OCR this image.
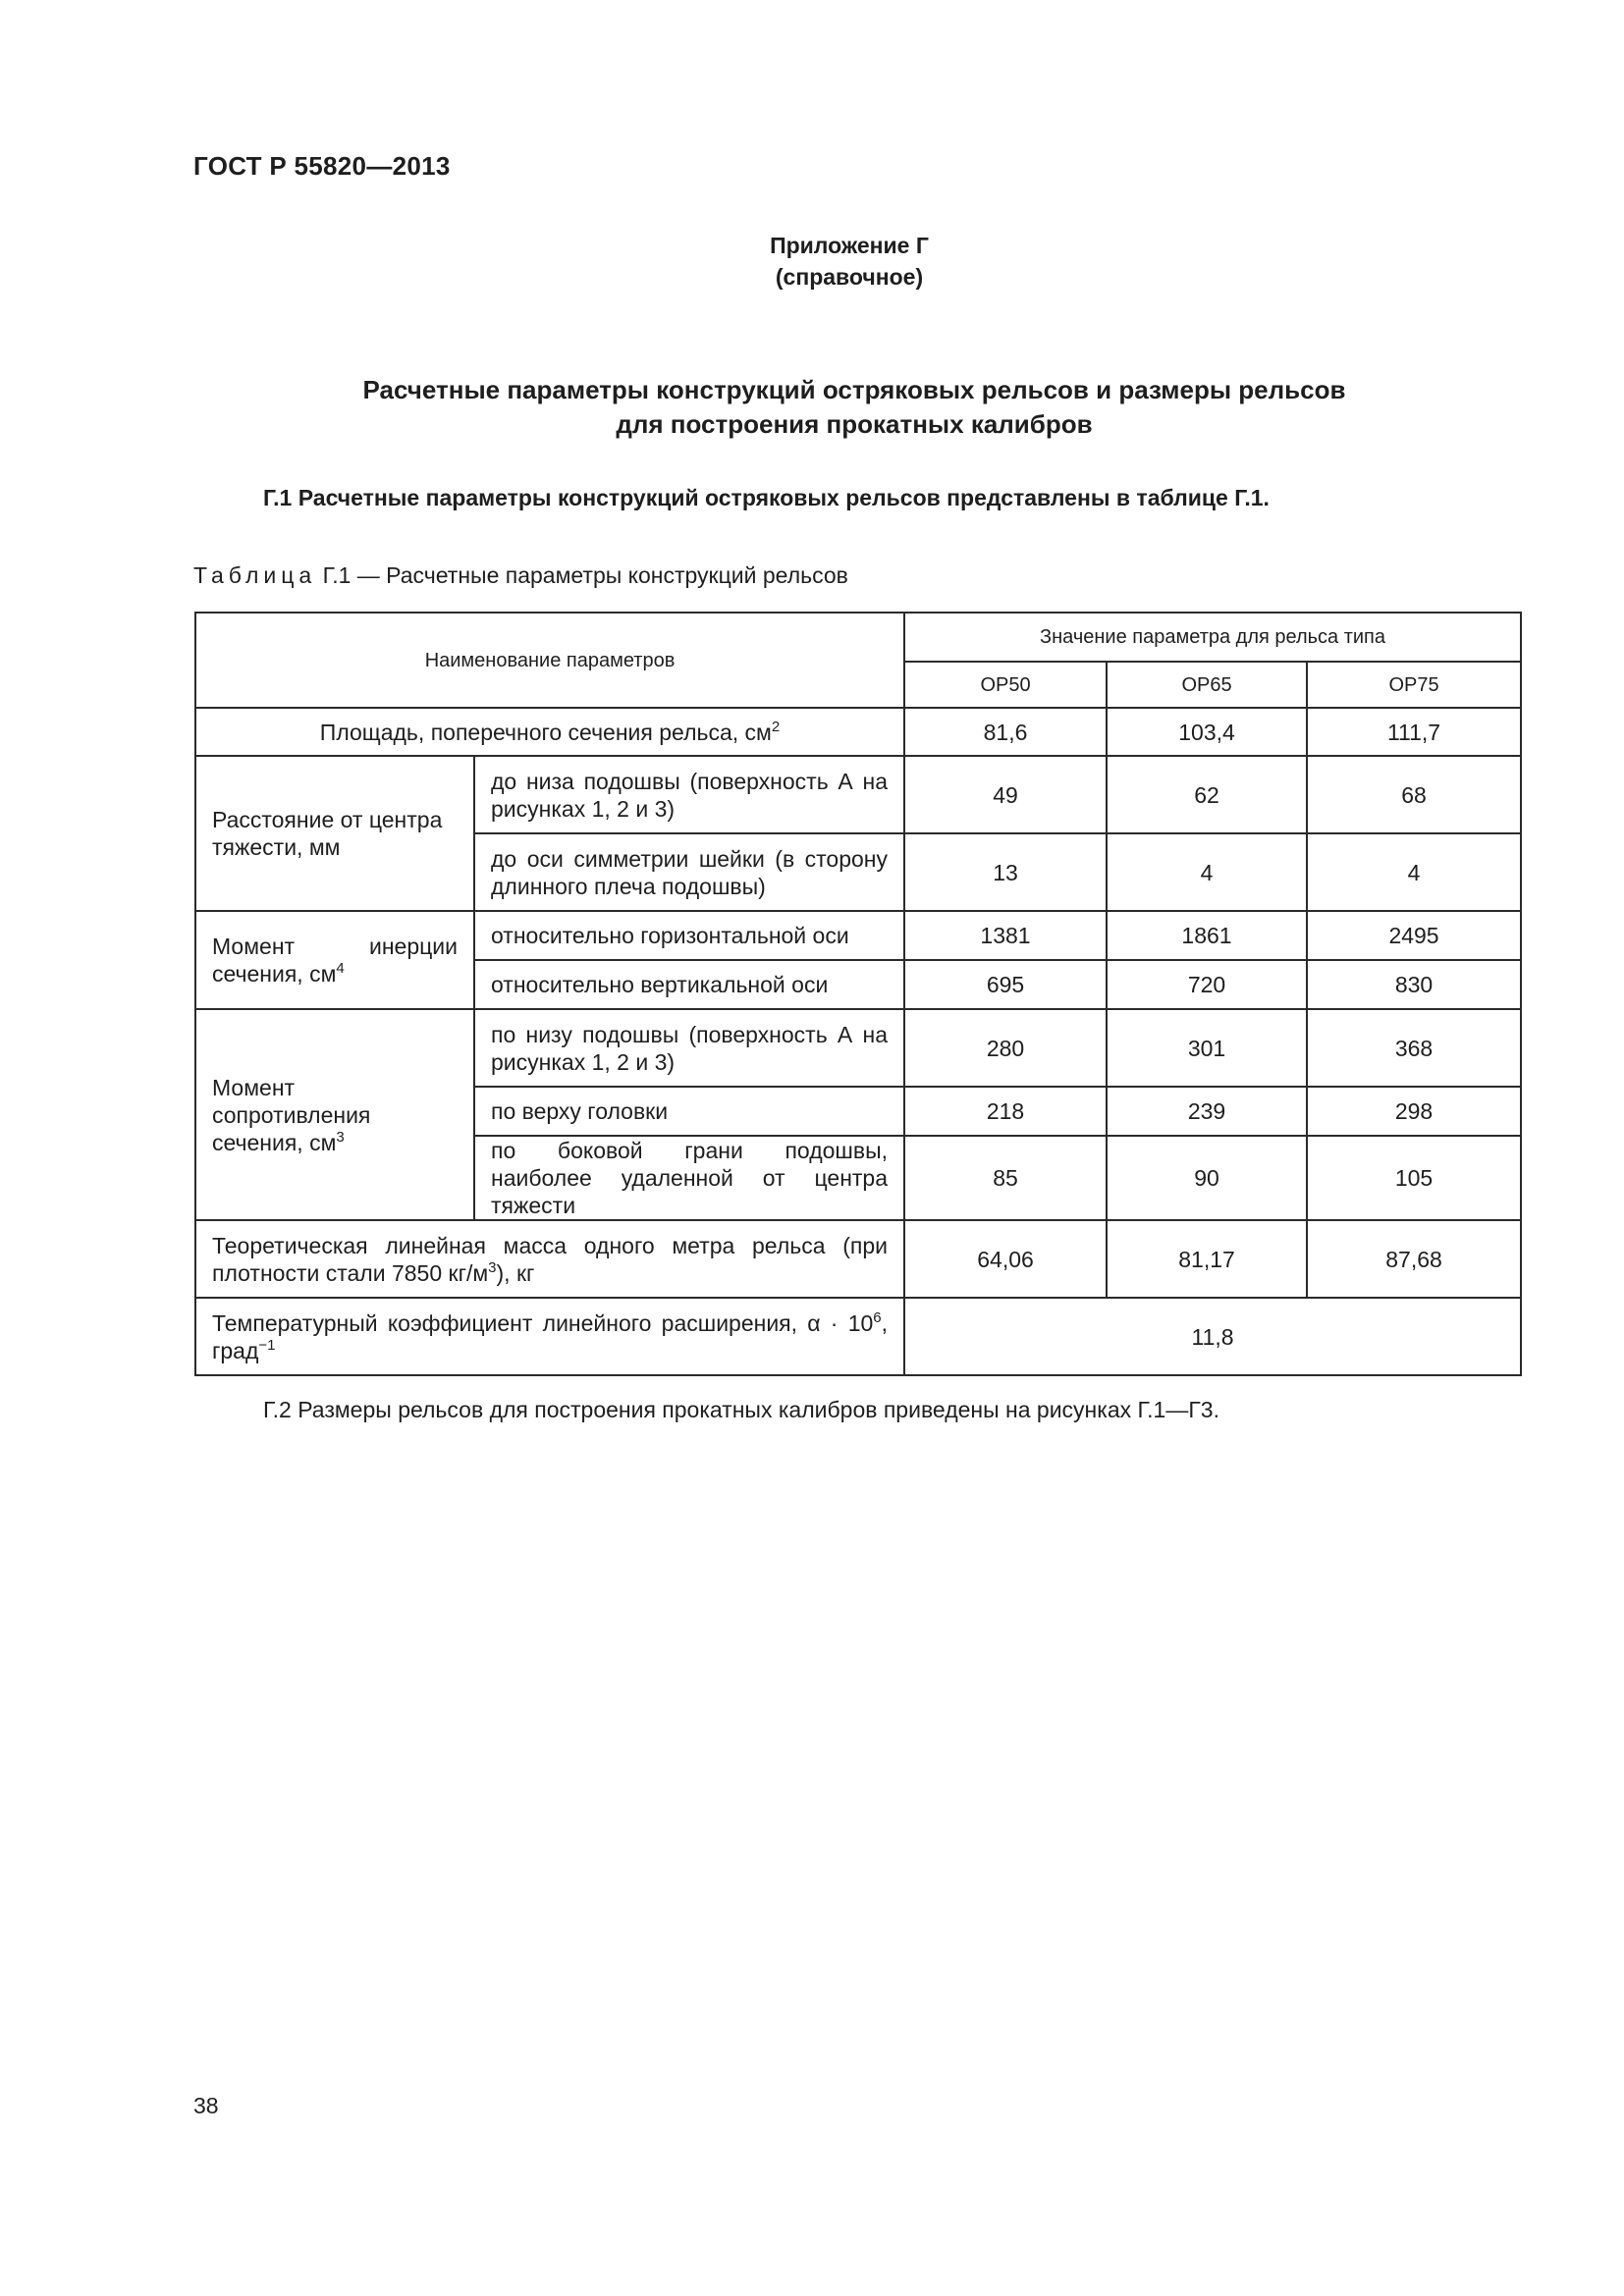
ГОСТ Р 55820—2013
Приложение Г
(справочное)
Расчетные параметры конструкций остряковых рельсов и размеры рельсов
для построения прокатных калибров
Г.1 Расчетные параметры конструкций остряковых рельсов представлены в таблице Г.1.
Таблица Г.1 — Расчетные параметры конструкций рельсов
Наименование параметров		Значение параметра для рельса типа		
		ОР50	ОР65	ОР75
Площадь, поперечного сечения рельса, $см^2$		81,6	103,4	111,7
Расстояние от центра тяжести, мм	до низа подошвы (поверхность А на рисунках 1, 2 и 3)	49	62	68
	до оси симметрии шейки (в сторону длинного плеча подошвы)	13	4	4
Момент инерции сечения, $см^4$	относительно горизонтальной оси	1381	1861	2495
	относительно вертикальной оси	695	720	830
Момент сопротивления сечения, $см^3$	по низу подошвы (поверхность А на рисунках 1, 2 и 3)	280	301	368
	по верху головки	218	239	298
	по боковой грани подошвы, наиболее удаленной от центра тяжести	85	90	105
Теоретическая линейная масса одного метра рельса (при плотности стали 7850 $кг/м^3$), кг		64,06	81,17	87,68
Температурный коэффициент линейного расширения, $\alpha \cdot 10^6$, град$^{-1}$		11,8		
Г.2 Размеры рельсов для построения прокатных калибров приведены на рисунках Г.1—Г3.
38
